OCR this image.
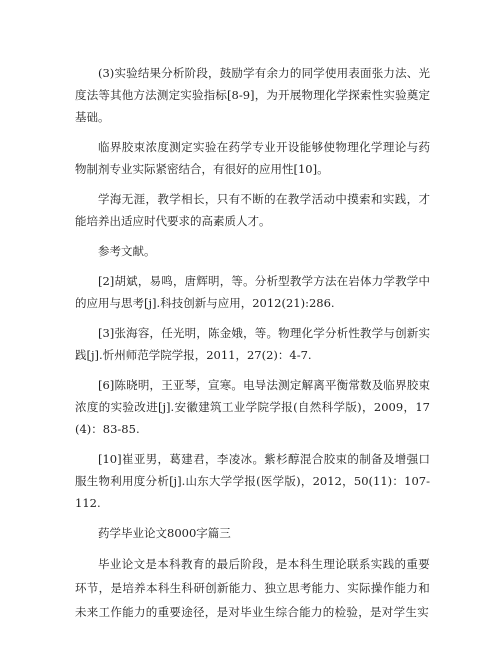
(3)实验结果分析阶段，鼓励学有余力的同学使用表面张力法、光度法等其他方法测定实验指标[8-9]，为开展物理化学探索性实验奠定基础。

临界胶束浓度测定实验在药学专业开设能够使物理化学理论与药物制剂专业实际紧密结合，有很好的应用性[10]。

学海无涯，教学相长，只有不断的在教学活动中摸索和实践，才能培养出适应时代要求的高素质人才。

参考文献。

[2]胡斌，易鸣，唐辉明，等。分析型教学方法在岩体力学教学中的应用与思考[j].科技创新与应用，2012(21):286.

[3]张海容，任光明，陈金娥，等。物理化学分析性教学与创新实践[j].忻州师范学院学报，2011，27(2)：4-7.

[6]陈晓明，王亚琴，宣寒。电导法测定解离平衡常数及临界胶束浓度的实验改进[j].安徽建筑工业学院学报(自然科学版)，2009，17(4)：83-85.

[10]崔亚男，葛建君，李凌冰。紫杉醇混合胶束的制备及增强口服生物利用度分析[j].山东大学学报(医学版)，2012，50(11)：107-112.

药学毕业论文8000字篇三

毕业论文是本科教育的最后阶段，是本科生理论联系实践的重要环节，是培养本科生科研创新能力、独立思考能力、实际操作能力和未来工作能力的重要途径，是对毕业生综合能力的检验，是对学生实
